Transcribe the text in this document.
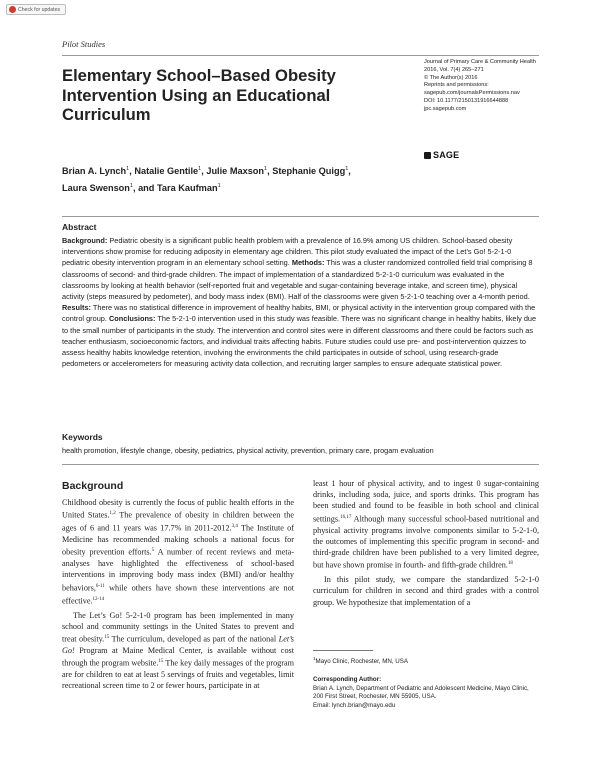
Check for updates
Pilot Studies
Elementary School–Based Obesity Intervention Using an Educational Curriculum
Journal of Primary Care & Community Health
2016, Vol. 7(4) 265–271
© The Author(s) 2016
Reprints and permissions:
sagepub.com/journalsPermissions.nav
DOI: 10.1177/2150131916644888
jpc.sagepub.com
SAGE
Brian A. Lynch$^1$, Natalie Gentile$^1$, Julie Maxson$^1$, Stephanie Quigg$^1$,
Laura Swenson$^1$, and Tara Kaufman$^1$
Abstract
Background: Pediatric obesity is a significant public health problem with a prevalence of 16.9% among US children. School-based obesity interventions show promise for reducing adiposity in elementary age children. This pilot study evaluated the impact of the Let’s Go! 5-2-1-0 pediatric obesity intervention program in an elementary school setting. Methods: This was a cluster randomized controlled field trial comprising 8 classrooms of second- and third-grade children. The impact of implementation of a standardized 5-2-1-0 curriculum was evaluated in the classrooms by looking at health behavior (self-reported fruit and vegetable and sugar-containing beverage intake, and screen time), physical activity (steps measured by pedometer), and body mass index (BMI). Half of the classrooms were given 5-2-1-0 teaching over a 4-month period. Results: There was no statistical difference in improvement of healthy habits, BMI, or physical activity in the intervention group compared with the control group. Conclusions: The 5-2-1-0 intervention used in this study was feasible. There was no significant change in healthy habits, likely due to the small number of participants in the study. The intervention and control sites were in different classrooms and there could be factors such as teacher enthusiasm, socioeconomic factors, and individual traits affecting habits. Future studies could use pre- and post-intervention quizzes to assess healthy habits knowledge retention, involving the environments the child participates in outside of school, using research-grade pedometers or accelerometers for measuring activity data collection, and recruiting larger samples to ensure adequate statistical power.
Keywords
health promotion, lifestyle change, obesity, pediatrics, physical activity, prevention, primary care, progam evaluation
Background

Childhood obesity is currently the focus of public health efforts in the United States.$^{1,2}$ The prevalence of obesity in children between the ages of 6 and 11 years was 17.7% in 2011-2012.$^{3,4}$ The Institute of Medicine has recommended making schools a national focus for obesity prevention efforts.$^5$ A number of recent reviews and meta-analyses have highlighted the effectiveness of school-based interventions in improving body mass index (BMI) and/or healthy behaviors,$^{6-11}$ while others have shown these interventions are not effective.$^{12-14}$

The Let’s Go! 5-2-1-0 program has been implemented in many school and community settings in the United States to prevent and treat obesity.$^{15}$ The curriculum, developed as part of the national Let’s Go! Program at Maine Medical Center, is available without cost through the program website.$^{15}$ The key daily messages of the program are for children to eat at least 5 servings of fruits and vegetables, limit recreational screen time to 2 or fewer hours, participate in at

least 1 hour of physical activity, and to ingest 0 sugar-containing drinks, including soda, juice, and sports drinks. This program has been studied and found to be feasible in both school and clinical settings.$^{16,17}$ Although many successful school-based nutritional and physical activity programs involve components similar to 5-2-1-0, the outcomes of implementing this specific program in second- and third-grade children have been published to a very limited degree, but have shown promise in fourth- and fifth-grade children.$^{18}$

In this pilot study, we compare the standardized 5-2-1-0 curriculum for children in second and third grades with a control group. We hypothesize that implementation of a

$^1$Mayo Clinic, Rochester, MN, USA
Corresponding Author:
Brian A. Lynch, Department of Pediatric and Adolescent Medicine, Mayo Clinic, 200 First Street, Rochester, MN 55905, USA.
Email: lynch.brian@mayo.edu
